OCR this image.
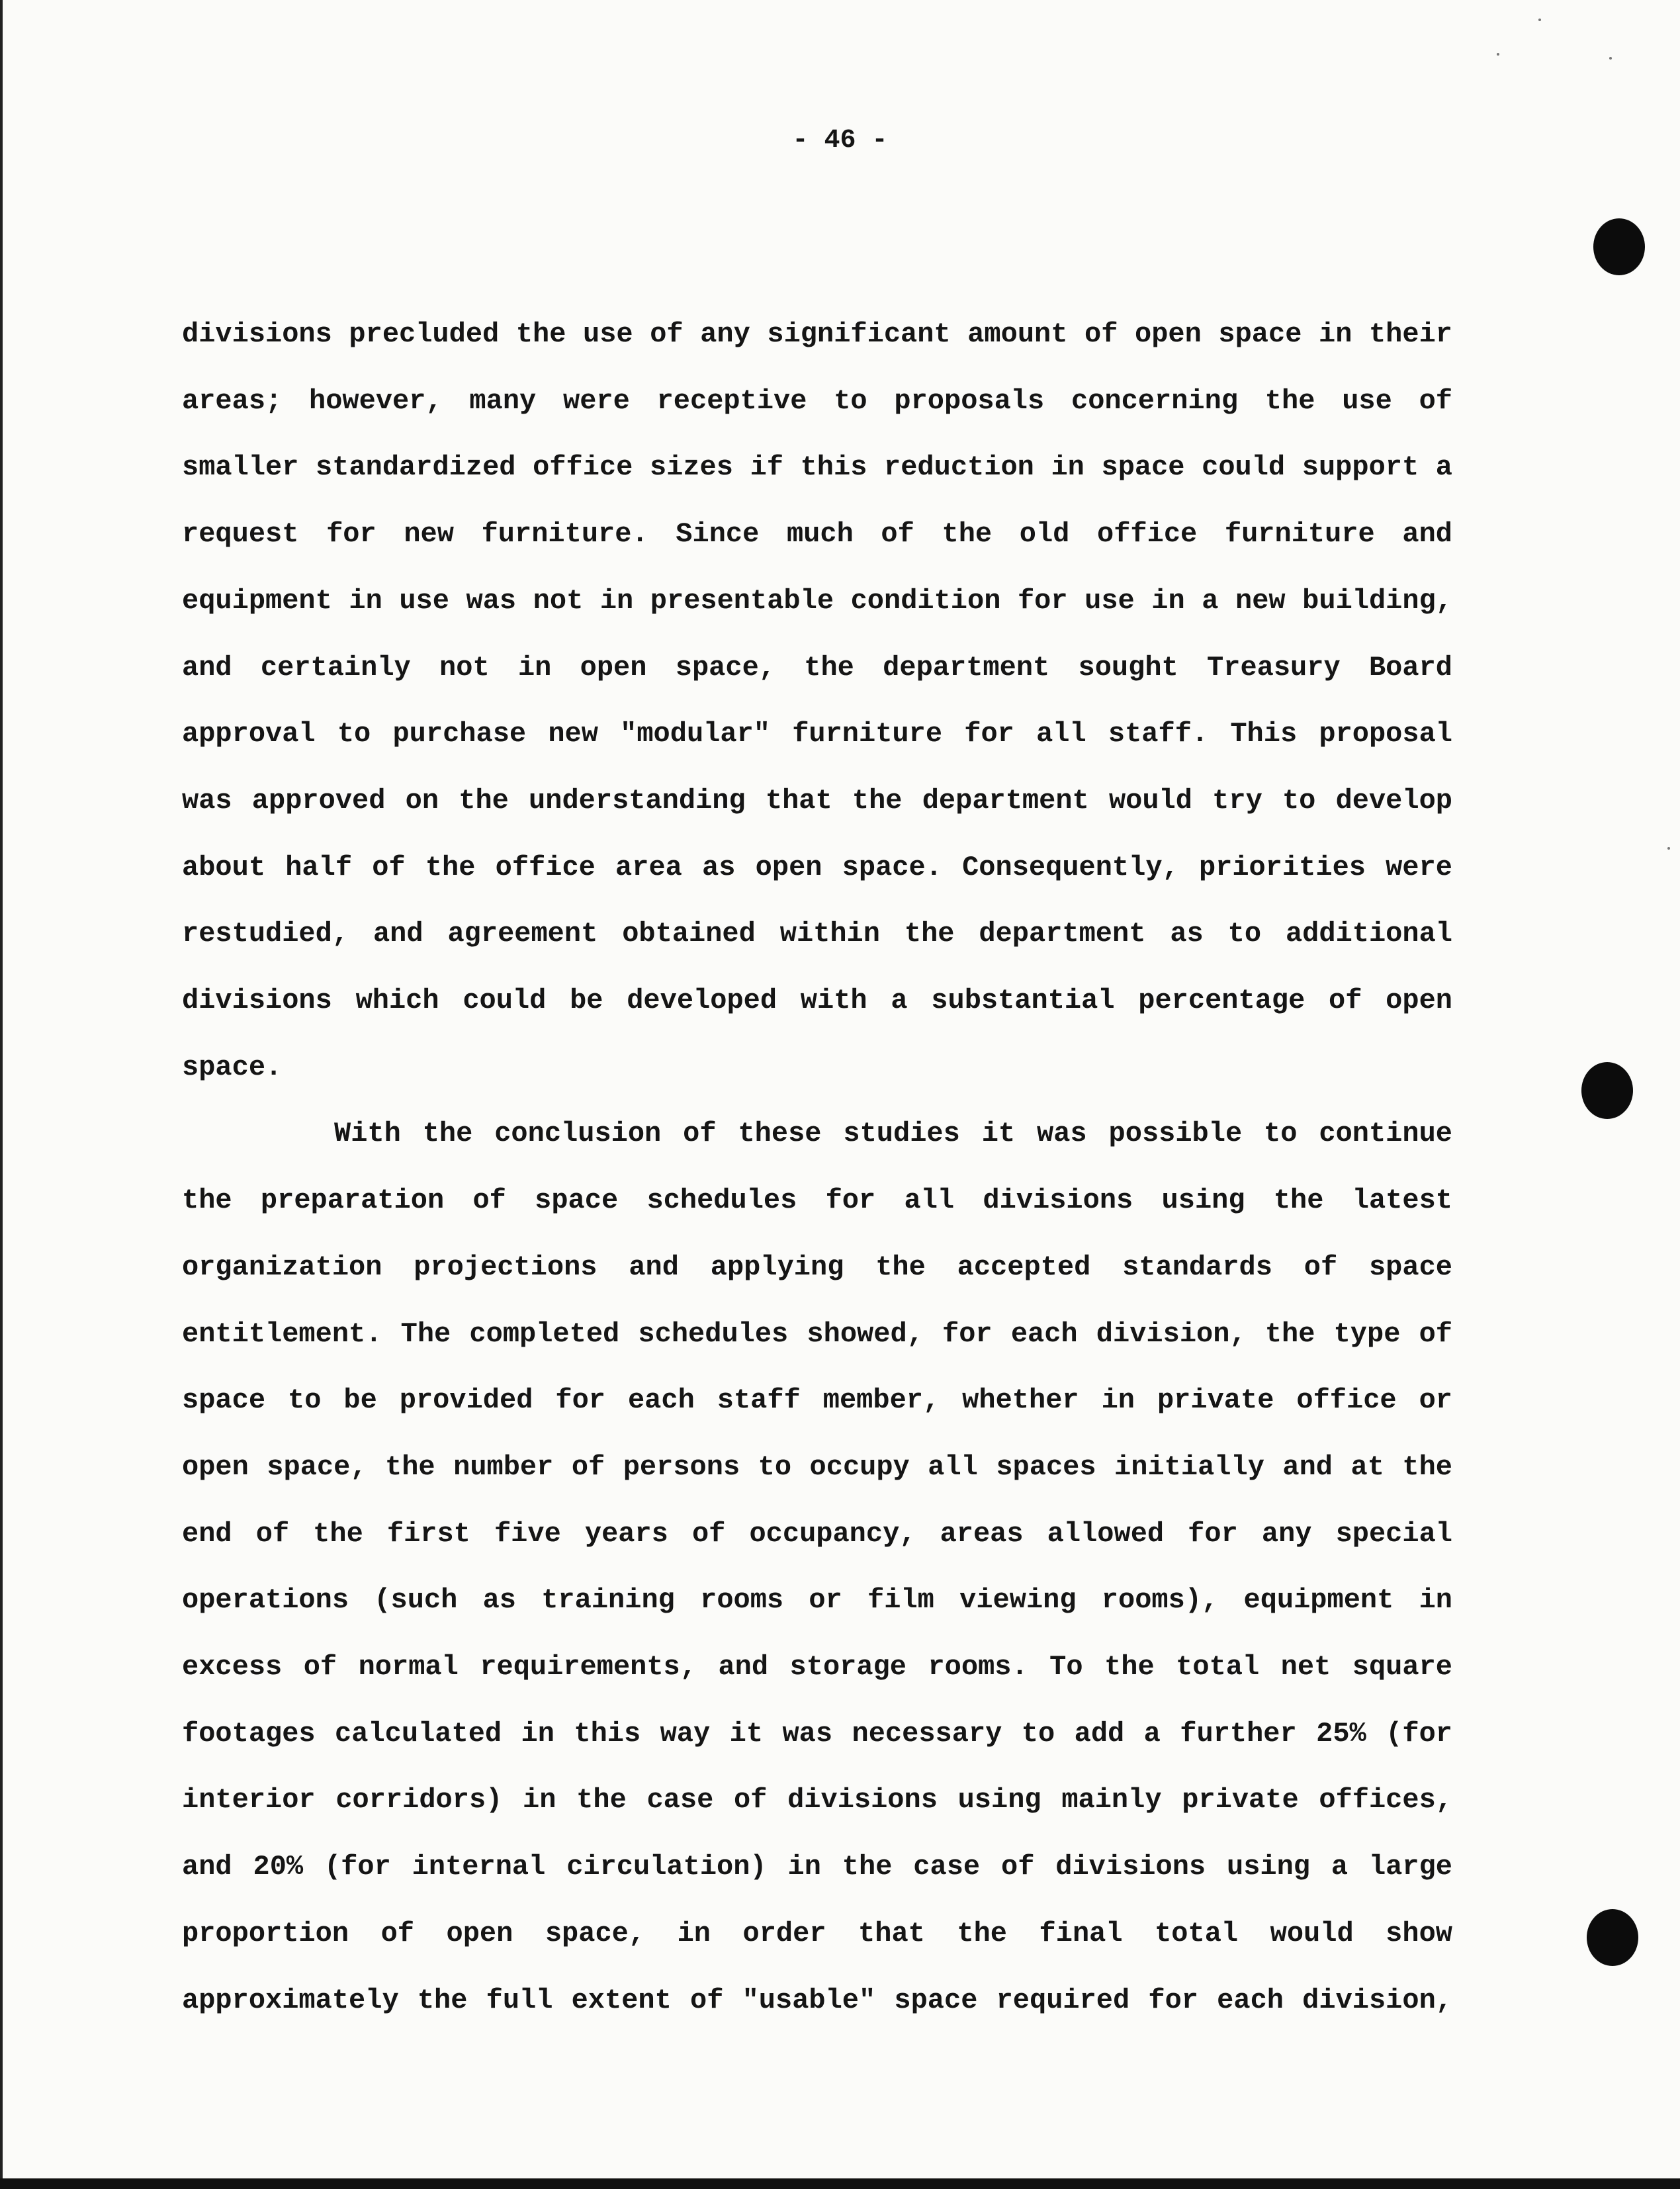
- 46 -
divisions precluded the use of any significant amount of open space in their
areas; however, many were receptive to proposals concerning the use of
smaller standardized office sizes if this reduction in space could support a
request for new furniture. Since much of the old office furniture and
equipment in use was not in presentable condition for use in a new building,
and certainly not in open space, the department sought Treasury Board
approval to purchase new "modular" furniture for all staff. This proposal
was approved on the understanding that the department would try to develop
about half of the office area as open space. Consequently, priorities were
restudied, and agreement obtained within the department as to additional
divisions which could be developed with a substantial percentage of open
space.
With the conclusion of these studies it was possible to continue
the preparation of space schedules for all divisions using the latest
organization projections and applying the accepted standards of space
entitlement. The completed schedules showed, for each division, the type of
space to be provided for each staff member, whether in private office or
open space, the number of persons to occupy all spaces initially and at the
end of the first five years of occupancy, areas allowed for any special
operations (such as training rooms or film viewing rooms), equipment in
excess of normal requirements, and storage rooms. To the total net square
footages calculated in this way it was necessary to add a further 25% (for
interior corridors) in the case of divisions using mainly private offices,
and 20% (for internal circulation) in the case of divisions using a large
proportion of open space, in order that the final total would show
approximately the full extent of "usable" space required for each division,
